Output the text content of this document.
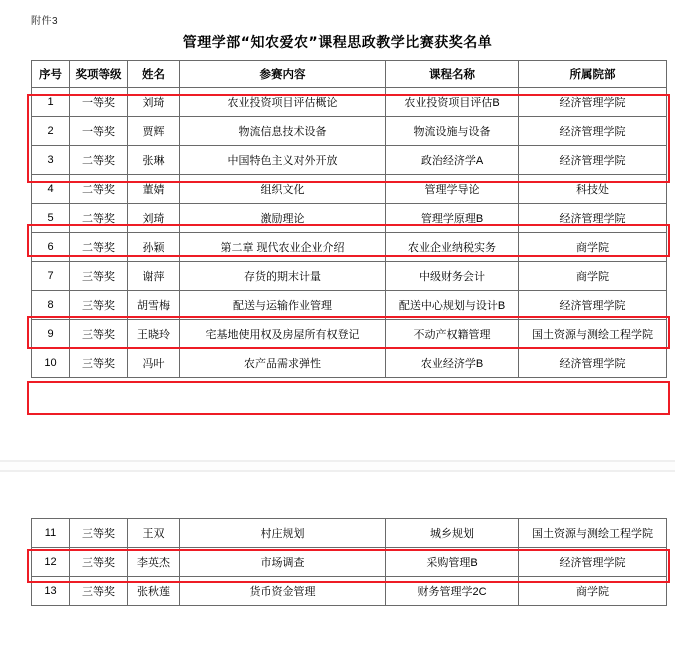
附件3
管理学部“知农爱农”课程思政教学比赛获奖名单
序号	奖项等级	姓名	参赛内容	课程名称	所属院部
1	一等奖	刘琦	农业投资项目评估概论	农业投资项目评估B	经济管理学院
2	一等奖	贾辉	物流信息技术设备	物流设施与设备	经济管理学院
3	二等奖	张琳	中国特色主义对外开放	政治经济学A	经济管理学院
4	二等奖	董婧	组织文化	管理学导论	科技处
5	二等奖	刘琦	激励理论	管理学原理B	经济管理学院
6	二等奖	孙颖	第二章 现代农业企业介绍	农业企业纳税实务	商学院
7	三等奖	谢萍	存货的期末计量	中级财务会计	商学院
8	三等奖	胡雪梅	配送与运输作业管理	配送中心规划与设计B	经济管理学院
9	三等奖	王晓玲	宅基地使用权及房屋所有权登记	不动产权籍管理	国土资源与测绘工程学院
10	三等奖	冯叶	农产品需求弹性	农业经济学B	经济管理学院
11	三等奖	王双	村庄规划	城乡规划	国土资源与测绘工程学院
12	三等奖	李英杰	市场调查	采购管理B	经济管理学院
13	三等奖	张秋莲	货币资金管理	财务管理学2C	商学院
